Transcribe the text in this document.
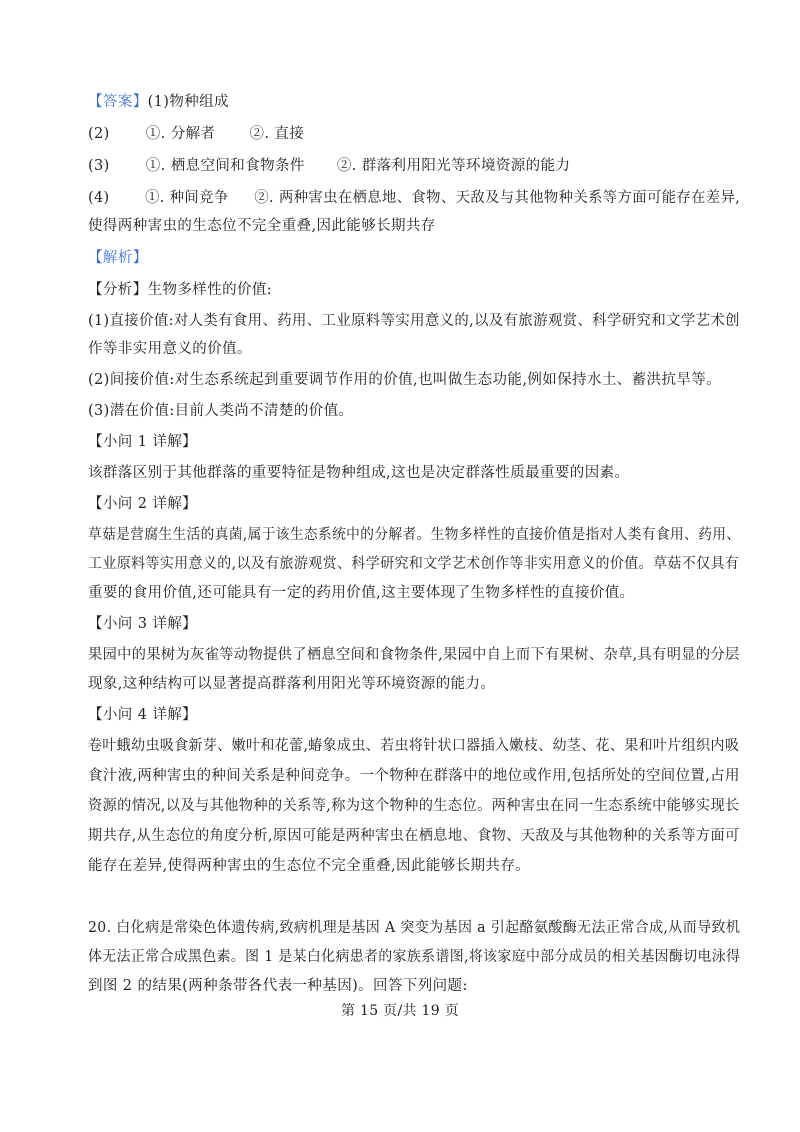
【答案】(1)物种组成
(2) ①. 分解者 ②. 直接
(3) ①. 栖息空间和食物条件 ②. 群落利用阳光等环境资源的能力
(4) ①. 种间竞争 ②. 两种害虫在栖息地、食物、天敌及与其他物种关系等方面可能存在差异,
使得两种害虫的生态位不完全重叠,因此能够长期共存
【解析】
【分析】生物多样性的价值:
(1)直接价值:对人类有食用、药用、工业原料等实用意义的,以及有旅游观赏、科学研究和文学艺术创
作等非实用意义的价值。
(2)间接价值:对生态系统起到重要调节作用的价值,也叫做生态功能,例如保持水土、蓄洪抗旱等。
(3)潜在价值:目前人类尚不清楚的价值。
【小问 1 详解】
该群落区别于其他群落的重要特征是物种组成,这也是决定群落性质最重要的因素。
【小问 2 详解】
草菇是营腐生生活的真菌,属于该生态系统中的分解者。生物多样性的直接价值是指对人类有食用、药用、
工业原料等实用意义的,以及有旅游观赏、科学研究和文学艺术创作等非实用意义的价值。草菇不仅具有
重要的食用价值,还可能具有一定的药用价值,这主要体现了生物多样性的直接价值。
【小问 3 详解】
果园中的果树为灰雀等动物提供了栖息空间和食物条件,果园中自上而下有果树、杂草,具有明显的分层
现象,这种结构可以显著提高群落利用阳光等环境资源的能力。
【小问 4 详解】
卷叶蛾幼虫吸食新芽、嫩叶和花蕾,蝽象成虫、若虫将针状口器插入嫩枝、幼茎、花、果和叶片组织内吸
食汁液,两种害虫的种间关系是种间竞争。一个物种在群落中的地位或作用,包括所处的空间位置,占用
资源的情况,以及与其他物种的关系等,称为这个物种的生态位。两种害虫在同一生态系统中能够实现长
期共存,从生态位的角度分析,原因可能是两种害虫在栖息地、食物、天敌及与其他物种的关系等方面可
能存在差异,使得两种害虫的生态位不完全重叠,因此能够长期共存。
20. 白化病是常染色体遗传病,致病机理是基因 A 突变为基因 a 引起酪氨酸酶无法正常合成,从而导致机
体无法正常合成黑色素。图 1 是某白化病患者的家族系谱图,将该家庭中部分成员的相关基因酶切电泳得
到图 2 的结果(两种条带各代表一种基因)。回答下列问题:
第 15 页/共 19 页
